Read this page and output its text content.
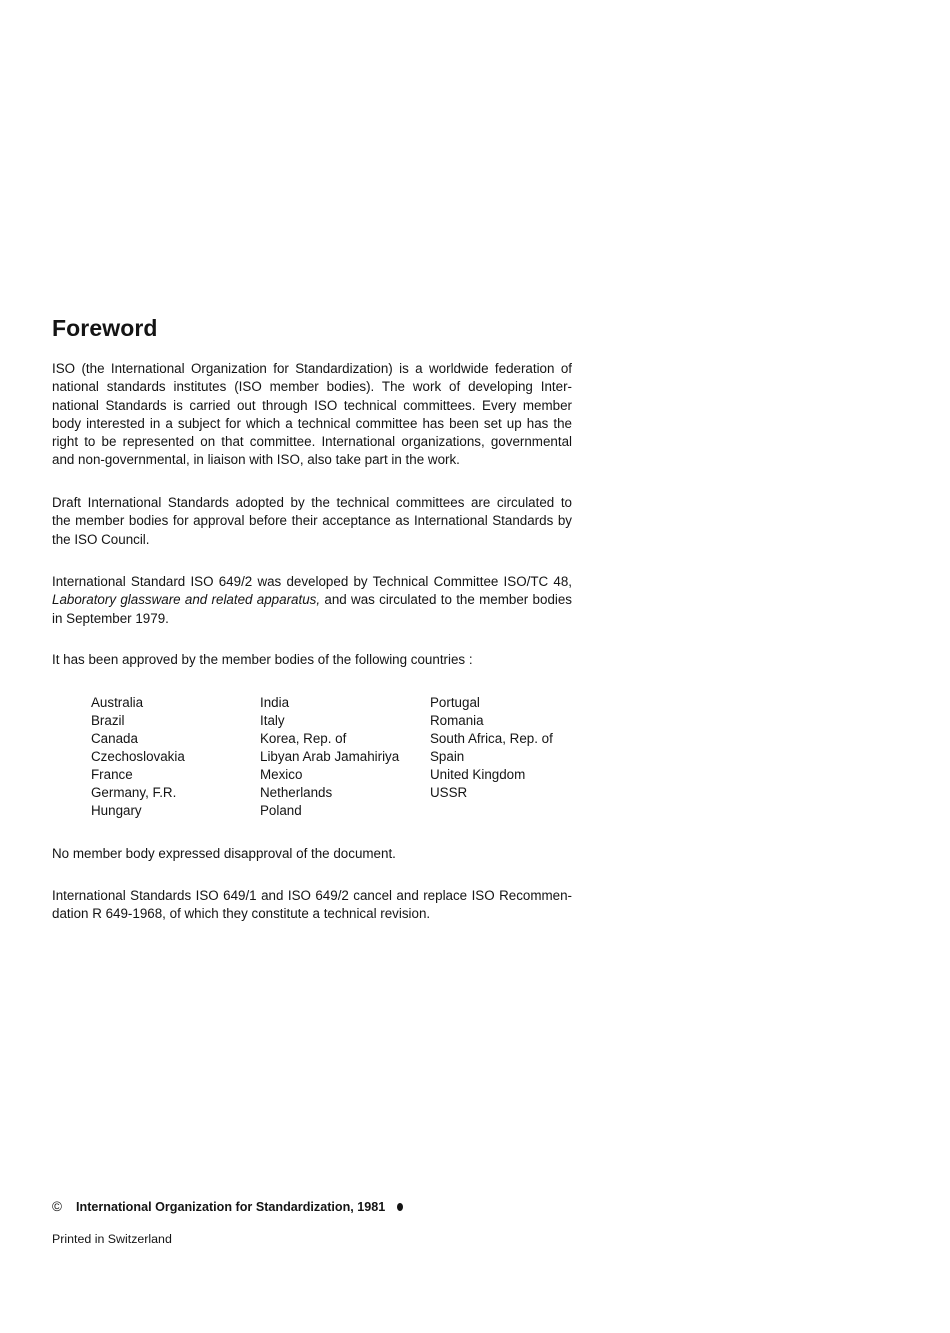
Foreword

ISO (the International Organization for Standardization) is a worldwide federation of

national standards institutes (ISO member bodies). The work of developing Inter-

national Standards is carried out through ISO technical committees. Every member

body interested in a subject for which a technical committee has been set up has the

right to be represented on that committee. International organizations, governmental

and non-governmental, in liaison with ISO, also take part in the work.

Draft International Standards adopted by the technical committees are circulated to

the member bodies for approval before their acceptance as International Standards by

the ISO Council.

International Standard ISO 649/2 was developed by Technical Committee ISO/TC 48,

Laboratory glassware and related apparatus, and was circulated to the member bodies

in September 1979.

It has been approved by the member bodies of the following countries :
Australia
Brazil
Canada
Czechoslovakia
France
Germany, F.R.
Hungary
India
Italy
Korea, Rep. of
Libyan Arab Jamahiriya
Mexico
Netherlands
Poland
Portugal
Romania
South Africa, Rep. of
Spain
United Kingdom
USSR
No member body expressed disapproval of the document.

International Standards ISO 649/1 and ISO 649/2 cancel and replace ISO Recommen-

dation R 649-1968, of which they constitute a technical revision.

© International Organization for Standardization, 1981
Printed in Switzerland
